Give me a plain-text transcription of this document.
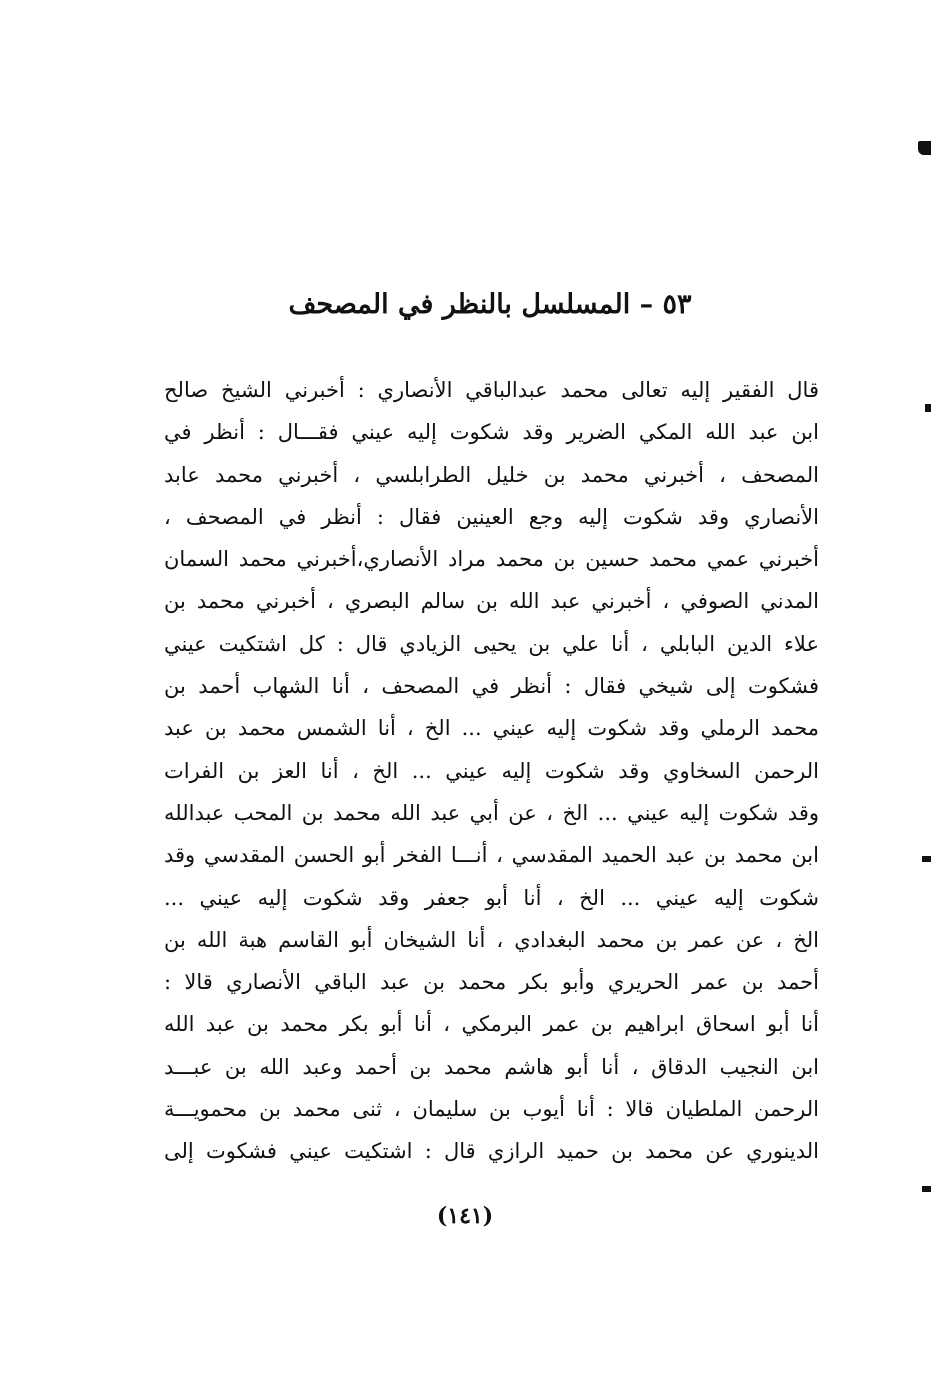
٥٣ – المسلسل بالنظر في المصحف
قال الفقير إليه تعالى محمد عبدالباقي الأنصاري : أخبرني الشيخ صالح
ابن عبد الله المكي الضرير وقد شكوت إليه عيني فقـــال : أنظر في
المصحف ، أخبرني محمد بن خليل الطرابلسي ، أخبرني محمد عابد
الأنصاري وقد شكوت إليه وجع العينين فقال : أنظر في المصحف ،
أخبرني عمي محمد حسين بن محمد مراد الأنصاري،أخبرني محمد السمان
المدني الصوفي ، أخبرني عبد الله بن سالم البصري ، أخبرني محمد بن
علاء الدين البابلي ، أنا علي بن يحيى الزيادي قال : كل اشتكيت عيني
فشكوت إلى شيخي فقال : أنظر في المصحف ، أنا الشهاب أحمد بن
محمد الرملي وقد شكوت إليه عيني ... الخ ، أنا الشمس محمد بن عبد
الرحمن السخاوي وقد شكوت إليه عيني ... الخ ، أنا العز بن الفرات
وقد شكوت إليه عيني ... الخ ، عن أبي عبد الله محمد بن المحب عبدالله
ابن محمد بن عبد الحميد المقدسي ، أنـــا الفخر أبو الحسن المقدسي وقد
شكوت إليه عيني ... الخ ، أنا أبو جعفر وقد شكوت إليه عيني ...
الخ ، عن عمر بن محمد البغدادي ، أنا الشيخان أبو القاسم هبة الله بن
أحمد بن عمر الحريري وأبو بكر محمد بن عبد الباقي الأنصاري قالا :
أنا أبو اسحاق ابراهيم بن عمر البرمكي ، أنا أبو بكر محمد بن عبد الله
ابن النجيب الدقاق ، أنا أبو هاشم محمد بن أحمد وعبد الله بن عبـــد
الرحمن الملطيان قالا : أنا أيوب بن سليمان ، ثنى محمد بن محمويـــة
الدينوري عن محمد بن حميد الرازي قال : اشتكيت عيني فشكوت إلى
(١٤١)
